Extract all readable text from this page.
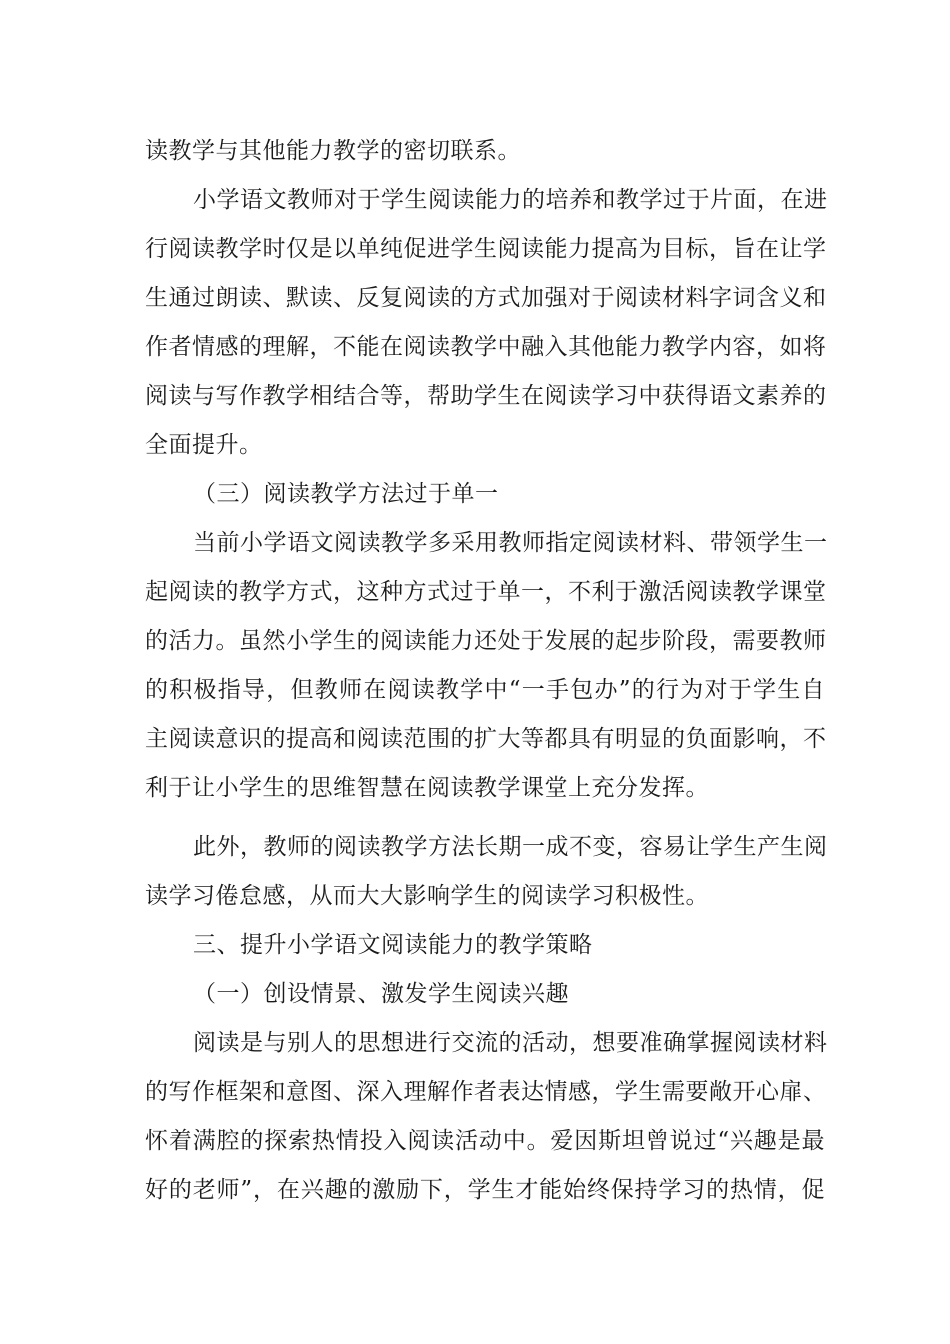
读教学与其他能力教学的密切联系。

小学语文教师对于学生阅读能力的培养和教学过于片面，在进

行阅读教学时仅是以单纯促进学生阅读能力提高为目标，旨在让学

生通过朗读、默读、反复阅读的方式加强对于阅读材料字词含义和

作者情感的理解，不能在阅读教学中融入其他能力教学内容，如将

阅读与写作教学相结合等，帮助学生在阅读学习中获得语文素养的

全面提升。

（三）阅读教学方法过于单一

当前小学语文阅读教学多采用教师指定阅读材料、带领学生一

起阅读的教学方式，这种方式过于单一，不利于激活阅读教学课堂

的活力。虽然小学生的阅读能力还处于发展的起步阶段，需要教师

的积极指导，但教师在阅读教学中“一手包办”的行为对于学生自

主阅读意识的提高和阅读范围的扩大等都具有明显的负面影响，不

利于让小学生的思维智慧在阅读教学课堂上充分发挥。

此外，教师的阅读教学方法长期一成不变，容易让学生产生阅

读学习倦怠感，从而大大影响学生的阅读学习积极性。

三、提升小学语文阅读能力的教学策略

（一）创设情景、激发学生阅读兴趣

阅读是与别人的思想进行交流的活动，想要准确掌握阅读材料

的写作框架和意图、深入理解作者表达情感，学生需要敞开心扉、

怀着满腔的探索热情投入阅读活动中。爱因斯坦曾说过“兴趣是最

好的老师”，在兴趣的激励下，学生才能始终保持学习的热情，促
